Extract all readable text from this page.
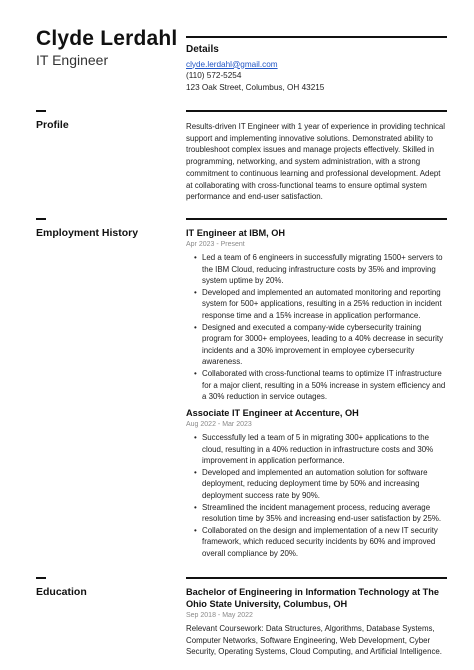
Clyde Lerdahl
IT Engineer
Details
clyde.lerdahl@gmail.com
(110) 572-5254
123 Oak Street, Columbus, OH 43215
Profile	Results-driven IT Engineer with 1 year of experience in providing technical support and implementing innovative solutions. Demonstrated ability to troubleshoot complex issues and manage projects effectively. Skilled in programming, networking, and system administration, with a strong commitment to continuous learning and professional development. Adept at collaborating with cross-functional teams to ensure optimal system performance and end-user satisfaction.
Employment History	IT Engineer at IBM, OH
Apr 2023 - Present
• Led a team of 6 engineers in successfully migrating 1500+ servers to the IBM Cloud, reducing infrastructure costs by 35% and improving system uptime by 20%.
• Developed and implemented an automated monitoring and reporting system for 500+ applications, resulting in a 25% reduction in incident response time and a 15% increase in application performance.
• Designed and executed a company-wide cybersecurity training program for 3000+ employees, leading to a 40% decrease in security incidents and a 30% improvement in employee cybersecurity awareness.
• Collaborated with cross-functional teams to optimize IT infrastructure for a major client, resulting in a 50% increase in system efficiency and a 30% reduction in service outages.
Associate IT Engineer at Accenture, OH
Aug 2022 - Mar 2023
• Successfully led a team of 5 in migrating 300+ applications to the cloud, resulting in a 40% reduction in infrastructure costs and 30% improvement in application performance.
• Developed and implemented an automation solution for software deployment, reducing deployment time by 50% and increasing deployment success rate by 90%.
• Streamlined the incident management process, reducing average resolution time by 35% and increasing end-user satisfaction by 25%.
• Collaborated on the design and implementation of a new IT security framework, which reduced security incidents by 60% and improved overall compliance by 20%.
Education	Bachelor of Engineering in Information Technology at The Ohio State University, Columbus, OH
Sep 2018 - May 2022
Relevant Coursework: Data Structures, Algorithms, Database Systems, Computer Networks, Software Engineering, Web Development, Cyber Security, Operating Systems, Cloud Computing, and Artificial Intelligence.
